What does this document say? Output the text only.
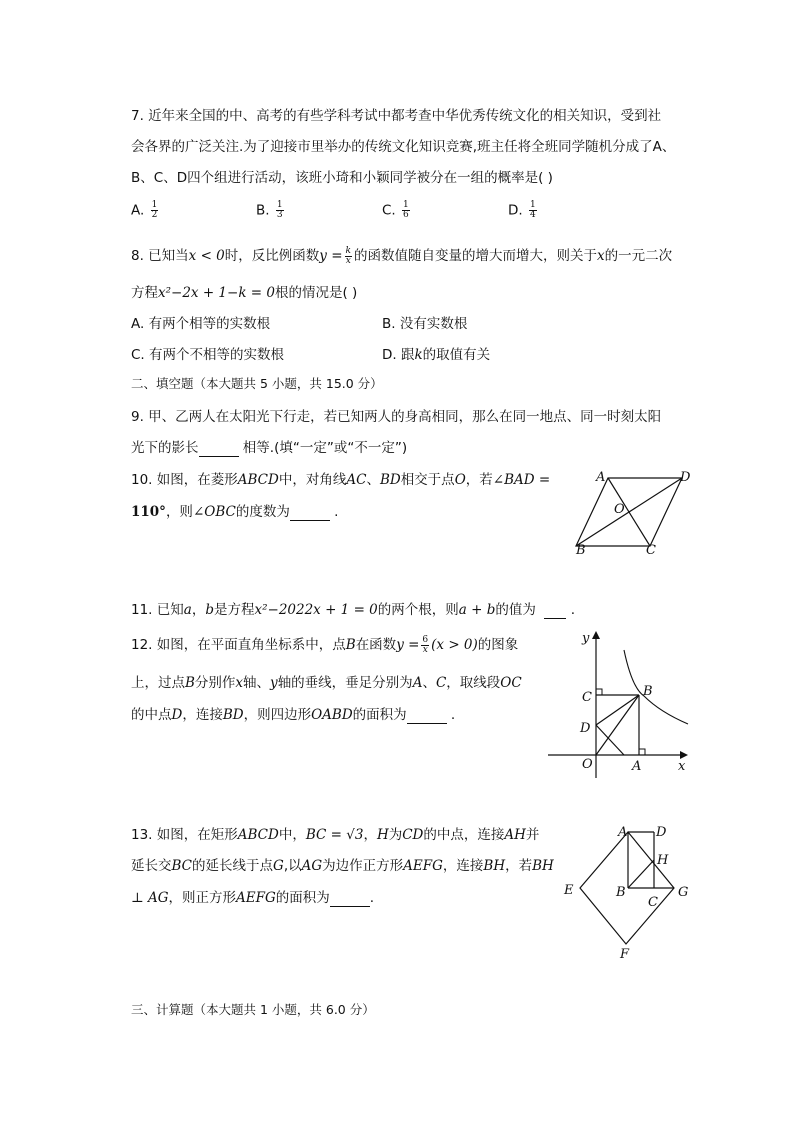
7. 近年来全国的中、高考的有些学科考试中都考查中华优秀传统文化的相关知识，受到社
会各界的广泛关注.为了迎接市里举办的传统文化知识竞赛,班主任将全班同学随机分成了A、
B、C、D四个组进行活动，该班小琦和小颖同学被分在一组的概率是( )
A. $\frac{1}{2}$	B. $\frac{1}{3}$	C. $\frac{1}{6}$	D. $\frac{1}{4}$
8. 已知当x < 0时，反比例函数$y = \frac{k}{x}$ 的函数值随自变量的增大而增大，则关于x的一元二次
方程x²−2x + 1−k = 0根的情况是( )
A. 有两个相等的实数根	B. 没有实数根
C. 有两个不相等的实数根	D. 跟k的取值有关
二、填空题（本大题共 5 小题，共 15.0 分）
9. 甲、乙两人在太阳光下行走，若已知两人的身高相同，那么在同一地点、同一时刻太阳
光下的影长	相等.(填“一定”或“不一定”)
10. 如图，在菱形ABCD中，对角线AC、BD相交于点O，若∠BAD =
110°，则∠OBC的度数为	.
A	D
O
B	C
11. 已知a，b是方程x²−2022x + 1 = 0的两个根，则a + b的值为    .
12. 如图，在平面直角坐标系中，点B在函数$y = \frac{6}{x} (x > 0)$的图象
上，过点B分别作x轴、y轴的垂线，垂足分别为A、C，取线段OC
的中点D，连接BD，则四边形OABD的面积为	.
y
x
O	A
B
C
D
13. 如图，在矩形ABCD中，BC = √3，H为CD的中点，连接AH并
延长交BC的延长线于点G,以AG为边作正方形AEFG，连接BH，若BH
⊥ AG，则正方形AEFG的面积为	.
A D
H
E	B	G
C
F
三、计算题（本大题共 1 小题，共 6.0 分）
